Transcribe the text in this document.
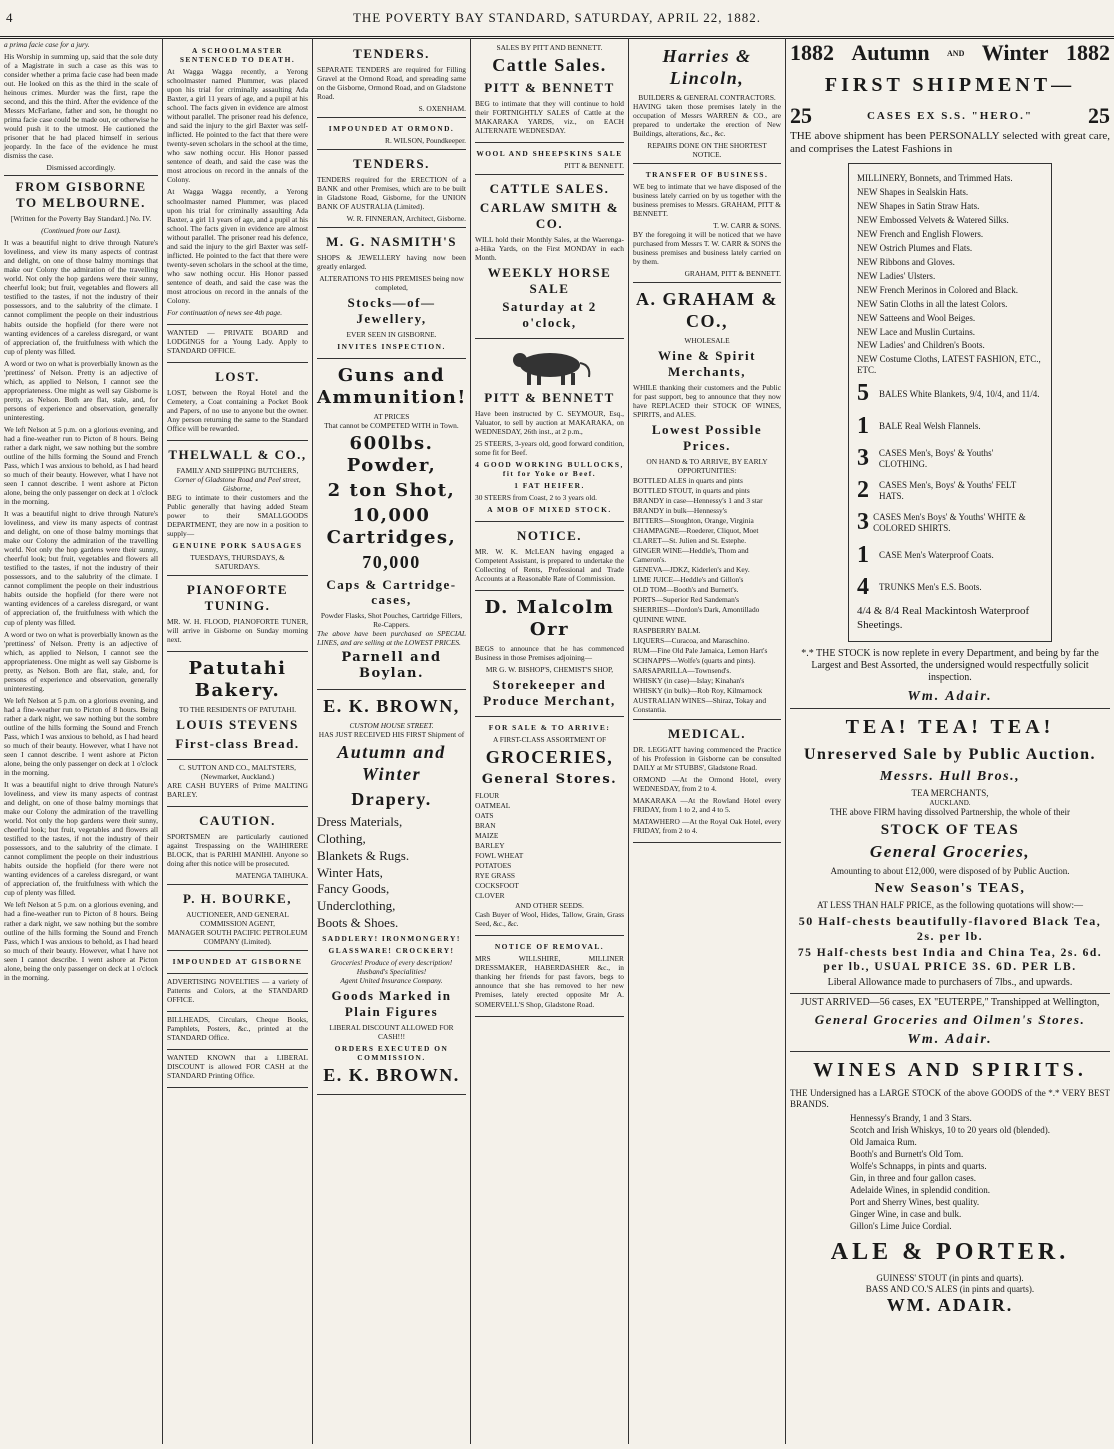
4	THE POVERTY BAY STANDARD, SATURDAY, APRIL 22, 1882.

a prima facie case for a jury.

His Worship in summing up, said that the sole duty of a Magistrate in such a case as this was to consider whether a prima facie case had been made out. He looked on this as the third in the scale of heinous crimes. Murder was the first, rape the second, and this the third. After the evidence of the Messrs McFarlane, father and son, he thought no prima facie case could be made out, or otherwise he would push it to the utmost. He cautioned the prisoner that he had placed himself in serious jeopardy. In the face of the evidence he must dismiss the case.

Dismissed accordingly.

FROM GISBORNE TO MELBOURNE.

[Written for the Poverty Bay Standard.] No. IV.

(Continued from our Last).

It was a beautiful night to drive through Nature's loveliness, and view its many aspects of contrast and delight, on one of those balmy mornings that make our Colony the admiration of the travelling world. Not only the hop gardens were their sunny, cheerful look; but fruit, vegetables and flowers all testified to the tastes, if not the industry of their possessors, and to the salubrity of the climate. I cannot compliment the people on their industrious habits outside the hopfield (for there were not wanting evidences of a careless disregard, or want of appreciation of, the fruitfulness with which the cup of plenty was filled.

A word or two on what is proverbially known as the 'prettiness' of Nelson. Pretty is an adjective of which, as applied to Nelson, I cannot see the appropriateness. One might as well say Gisborne is pretty, as Nelson. Both are flat, stale, and, for persons of experience and observation, generally uninteresting.

We left Nelson at 5 p.m. on a glorious evening, and had a fine-weather run to Picton of 8 hours. Being rather a dark night, we saw nothing but the sombre outline of the hills forming the Sound and French Pass, which I was anxious to behold, as I had heard so much of their beauty. However, what I have not seen I cannot describe. I went ashore at Picton alone, being the only passenger on deck at 1 o'clock in the morning.

It was a beautiful night to drive through Nature's loveliness, and view its many aspects of contrast and delight, on one of those balmy mornings that make our Colony the admiration of the travelling world. Not only the hop gardens were their sunny, cheerful look; but fruit, vegetables and flowers all testified to the tastes, if not the industry of their possessors, and to the salubrity of the climate. I cannot compliment the people on their industrious habits outside the hopfield (for there were not wanting evidences of a careless disregard, or want of appreciation of, the fruitfulness with which the cup of plenty was filled.

A word or two on what is proverbially known as the 'prettiness' of Nelson. Pretty is an adjective of which, as applied to Nelson, I cannot see the appropriateness. One might as well say Gisborne is pretty, as Nelson. Both are flat, stale, and, for persons of experience and observation, generally uninteresting.

We left Nelson at 5 p.m. on a glorious evening, and had a fine-weather run to Picton of 8 hours. Being rather a dark night, we saw nothing but the sombre outline of the hills forming the Sound and French Pass, which I was anxious to behold, as I had heard so much of their beauty. However, what I have not seen I cannot describe. I went ashore at Picton alone, being the only passenger on deck at 1 o'clock in the morning.

It was a beautiful night to drive through Nature's loveliness, and view its many aspects of contrast and delight, on one of those balmy mornings that make our Colony the admiration of the travelling world. Not only the hop gardens were their sunny, cheerful look; but fruit, vegetables and flowers all testified to the tastes, if not the industry of their possessors, and to the salubrity of the climate. I cannot compliment the people on their industrious habits outside the hopfield (for there were not wanting evidences of a careless disregard, or want of appreciation of, the fruitfulness with which the cup of plenty was filled.

We left Nelson at 5 p.m. on a glorious evening, and had a fine-weather run to Picton of 8 hours. Being rather a dark night, we saw nothing but the sombre outline of the hills forming the Sound and French Pass, which I was anxious to behold, as I had heard so much of their beauty. However, what I have not seen I cannot describe. I went ashore at Picton alone, being the only passenger on deck at 1 o'clock in the morning.

A SCHOOLMASTER SENTENCED TO DEATH.

At Wagga Wagga recently, a Yerong schoolmaster named Plummer, was placed upon his trial for criminally assaulting Ada Baxter, a girl 11 years of age, and a pupil at his school. The facts given in evidence are almost without parallel. The prisoner read his defence, and said the injury to the girl Baxter was self-inflicted. He pointed to the fact that there were twenty-seven scholars in the school at the time, who saw nothing occur. His Honor passed sentence of death, and said the case was the most atrocious on record in the annals of the Colony.

At Wagga Wagga recently, a Yerong schoolmaster named Plummer, was placed upon his trial for criminally assaulting Ada Baxter, a girl 11 years of age, and a pupil at his school. The facts given in evidence are almost without parallel. The prisoner read his defence, and said the injury to the girl Baxter was self-inflicted. He pointed to the fact that there were twenty-seven scholars in the school at the time, who saw nothing occur. His Honor passed sentence of death, and said the case was the most atrocious on record in the annals of the Colony.

For continuation of news see 4th page.

WANTED — PRIVATE BOARD and LODGINGS for a Young Lady. Apply to STANDARD OFFICE.

LOST.

LOST, between the Royal Hotel and the Cemetery, a Coat containing a Pocket Book and Papers, of no use to anyone but the owner. Any person returning the same to the Standard Office will be rewarded.

THELWALL & CO.,
FAMILY AND SHIPPING BUTCHERS,
Corner of Gladstone Road and Peel street, Gisborne,

BEG to intimate to their customers and the Public generally that having added Steam power to their SMALLGOODS DEPARTMENT, they are now in a position to supply—

GENUINE PORK SAUSAGES
TUESDAYS, THURSDAYS, & SATURDAYS.
PIANOFORTE TUNING.

MR. W. H. FLOOD, PIANOFORTE TUNER, will arrive in Gisborne on Sunday morning next.

Patutahi Bakery.
TO THE RESIDENTS OF PATUTAHI.
LOUIS STEVENS
First-class Bread.
C. SUTTON AND CO., MALTSTERS, (Newmarket, Auckland.)

ARE CASH BUYERS of Prime MALTING BARLEY.

CAUTION.

SPORTSMEN are particularly cautioned against Trespassing on the WAIHIRERE BLOCK, that is PARIHI MANIHI. Anyone so doing after this notice will be prosecuted.

MATENGA TAIHUKA.
P. H. BOURKE,
AUCTIONEER, AND GENERAL COMMISSION AGENT,
MANAGER SOUTH PACIFIC PETROLEUM COMPANY (Limited).
IMPOUNDED AT GISBORNE

ADVERTISING NOVELTIES — a variety of Patterns and Colors, at the STANDARD OFFICE.

BILLHEADS, Circulars, Cheque Books, Pamphlets, Posters, &c., printed at the STANDARD Office.

WANTED KNOWN that a LIBERAL DISCOUNT is allowed FOR CASH at the STANDARD Printing Office.

TENDERS.

SEPARATE TENDERS are required for Filling Gravel at the Ormond Road, and spreading same on the Gisborne, Ormond Road, and on Gladstone Road.

S. OXENHAM.
IMPOUNDED AT ORMOND.
R. WILSON, Poundkeeper.
TENDERS.

TENDERS required for the ERECTION of a BANK and other Premises, which are to be built in Gladstone Road, Gisborne, for the UNION BANK OF AUSTRALIA (Limited).

W. R. FINNERAN, Architect, Gisborne.
M. G. NASMITH'S

SHOPS & JEWELLERY having now been greatly enlarged.

ALTERATIONS TO HIS PREMISES being now completed,
Stocks—of—Jewellery,
EVER SEEN IN GISBORNE.
INVITES INSPECTION.
Guns and Ammunition!
AT PRICES
That cannot be COMPETED WITH in Town.
600lbs. Powder,
2 ton Shot,
10,000 Cartridges,
70,000
Caps & Cartridge-cases,
Powder Flasks, Shot Pouches, Cartridge Fillers, Re-Cappers.

The above have been purchased on SPECIAL LINES, and are selling at the LOWEST PRICES.

Parnell and Boylan.
E. K. BROWN,
CUSTOM HOUSE STREET.
HAS JUST RECEIVED HIS FIRST Shipment of
Autumn and Winter
Drapery.
Dress Materials,
Clothing,
Blankets & Rugs.
Winter Hats,
Fancy Goods,
Underclothing,
Boots & Shoes.
SADDLERY! IRONMONGERY!
GLASSWARE! CROCKERY!
Groceries! Produce of every description! Husband's Specialities!
Agent United Insurance Company.
Goods Marked in Plain Figures
LIBERAL DISCOUNT ALLOWED FOR CASH!!!
ORDERS EXECUTED ON COMMISSION.
E. K. BROWN.
SALES BY PITT AND BENNETT.
Cattle Sales.
PITT & BENNETT

BEG to intimate that they will continue to hold their FORTNIGHTLY SALES of Cattle at the MAKARAKA YARDS, viz., on EACH ALTERNATE WEDNESDAY.

WOOL AND SHEEPSKINS SALE
PITT & BENNETT.
CATTLE SALES.
CARLAW SMITH & CO.

WILL hold their Monthly Sales, at the Waerenga-a-Hika Yards, on the First MONDAY in each Month.

WEEKLY HORSE SALE
Saturday at 2 o'clock,
PITT & BENNETT

Have been instructed by C. SEYMOUR, Esq., Valuator, to sell by auction at MAKARAKA, on WEDNESDAY, 26th inst., at 2 p.m.,

25 STEERS, 3-years old, good forward condition, some fit for Beef.

4 GOOD WORKING BULLOCKS, fit for Yoke or Beef.
1 FAT HEIFER.

30 STEERS from Coast, 2 to 3 years old.

A MOB OF MIXED STOCK.
NOTICE.

MR. W. K. McLEAN having engaged a Competent Assistant, is prepared to undertake the Collecting of Rents, Professional and Trade Accounts at a Reasonable Rate of Commission.

D. Malcolm Orr

BEGS to announce that he has commenced Business in those Premises adjoining—

MR G. W. BISHOP'S, CHEMIST'S SHOP,
Storekeeper and Produce Merchant,
FOR SALE & TO ARRIVE:
A FIRST-CLASS ASSORTMENT OF
GROCERIES,
General Stores.
FLOUR
OATMEAL
OATS
BRAN
MAIZE
BARLEY
FOWL WHEAT
POTATOES
RYE GRASS
COCKSFOOT
CLOVER
AND OTHER SEEDS.

Cash Buyer of Wool, Hides, Tallow, Grain, Grass Seed, &c., &c.

NOTICE OF REMOVAL.

MRS WILLSHIRE, MILLINER DRESSMAKER, HABERDASHER &c., in thanking her friends for past favors, begs to announce that she has removed to her new Premises, lately erected opposite Mr A. SOMERVELL'S Shop, Gladstone Road.

Harries & Lincoln,
BUILDERS & GENERAL CONTRACTORS.

HAVING taken those premises lately in the occupation of Messrs WARREN & CO., are prepared to undertake the erection of New Buildings, alterations, &c., &c.

REPAIRS DONE ON THE SHORTEST NOTICE.
TRANSFER OF BUSINESS.

WE beg to intimate that we have disposed of the business lately carried on by us together with the business premises to Messrs. GRAHAM, PITT & BENNETT.

T. W. CARR & SONS.

BY the foregoing it will be noticed that we have purchased from Messrs T. W. CARR & SONS the business premises and business lately carried on by them.

GRAHAM, PITT & BENNETT.
A. GRAHAM & CO.,
WHOLESALE
Wine & Spirit Merchants,

WHILE thanking their customers and the Public for past support, beg to announce that they now have REPLACED their STOCK OF WINES, SPIRITS, and ALES.

Lowest Possible Prices.
ON HAND & TO ARRIVE, BY EARLY OPPORTUNITIES:
BOTTLED ALES in quarts and pints
BOTTLED STOUT, in quarts and pints
BRANDY in case—Hennessy's 1 and 3 star
BRANDY in bulk—Hennessy's
BITTERS—Stoughton, Orange, Virginia
CHAMPAGNE—Roederer, Cliquot, Moet
CLARET—St. Julien and St. Estephe.
GINGER WINE—Heddle's, Thom and Cameron's.
GENEVA—JDKZ, Kiderlen's and Key.
LIME JUICE—Heddle's and Gillon's
OLD TOM—Booth's and Burnett's.
PORTS—Superior Red Sandeman's
SHERRIES—Dordon's Dark, Amontillado
QUININE WINE.
RASPBERRY BALM.
LIQUERS—Curacoa, and Maraschino.
RUM—Fine Old Pale Jamaica, Lemon Hart's
SCHNAPPS—Wolfe's (quarts and pints).
SARSAPARILLA—Townsend's.
WHISKY (in case)—Islay; Kinahan's
WHISKY (in bulk)—Rob Roy, Kilmarnock
AUSTRALIAN WINES—Shiraz, Tokay and Constantia.
MEDICAL.

DR. LEGGATT having commenced the Practice of his Profession in Gisborne can be consulted DAILY at Mr STUBBS', Gladstone Road.

ORMOND —At the Ormond Hotel, every WEDNESDAY, from 2 to 4.

MAKARAKA —At the Rowland Hotel every FRIDAY, from 1 to 2, and 4 to 5.

MATAWHERO —At the Royal Oak Hotel, every FRIDAY, from 2 to 4.

1882 Autumn AND Winter 1882
FIRST SHIPMENT—
25	CASES EX S.S. "HERO." 25

THE above shipment has been PERSONALLY selected with great care, and comprises the Latest Fashions in

MILLINERY, Bonnets, and Trimmed Hats.
NEW Shapes in Sealskin Hats.
NEW Shapes in Satin Straw Hats.
NEW Embossed Velvets & Watered Silks.
NEW French and English Flowers.
NEW Ostrich Plumes and Flats.
NEW Ribbons and Gloves.
NEW Ladies' Ulsters.
NEW French Merinos in Colored and Black.
NEW Satin Cloths in all the latest Colors.
NEW Satteens and Wool Beiges.
NEW Lace and Muslin Curtains.
NEW Ladies' and Children's Boots.
NEW Costume Cloths, LATEST FASHION, ETC., ETC.
5	BALES White Blankets, 9/4, 10/4, and 11/4.
1	BALE Real Welsh Flannels.
3	CASES Men's, Boys' & Youths' CLOTHING.
2	CASES Men's, Boys' & Youths' FELT HATS.
3 CASES Men's Boys' & Youths' WHITE & COLORED SHIRTS.
1	CASE Men's Waterproof Coats.
4	TRUNKS Men's E.S. Boots.
4/4 & 8/4 Real Mackintosh Waterproof Sheetings.

*.* THE STOCK is now replete in every Department, and being by far the Largest and Best Assorted, the undersigned would respectfully solicit inspection.

Wm. Adair.
TEA! TEA! TEA!
Unreserved Sale by Public Auction.
Messrs. Hull Bros.,
TEA MERCHANTS,
AUCKLAND.

THE above FIRM having dissolved Partnership, the whole of their

STOCK OF TEAS
General Groceries,

Amounting to about £12,000, were disposed of by Public Auction.

New Season's TEAS,
AT LESS THAN HALF PRICE, as the following quotations will show:—
50 Half-chests beautifully-flavored Black Tea, 2s. per lb.
75 Half-chests best India and China Tea, 2s. 6d. per lb., USUAL PRICE 3S. 6D. PER LB.
Liberal Allowance made to purchasers of 7lbs., and upwards.
JUST ARRIVED—56 cases, EX "EUTERPE," Transhipped at Wellington,
General Groceries and Oilmen's Stores.
Wm. Adair.
WINES AND SPIRITS.

THE Undersigned has a LARGE STOCK of the above GOODS of the *.* VERY BEST BRANDS.

Hennessy's Brandy, 1 and 3 Stars.
Scotch and Irish Whiskys, 10 to 20 years old (blended).
Old Jamaica Rum.
Booth's and Burnett's Old Tom.
Wolfe's Schnapps, in pints and quarts.
Gin, in three and four gallon cases.
Adelaide Wines, in splendid condition.
Port and Sherry Wines, best quality.
Ginger Wine, in case and bulk.
Gillon's Lime Juice Cordial.
ALE & PORTER.
GUINESS' STOUT (in pints and quarts).
BASS AND CO.'S ALES (in pints and quarts).
WM. ADAIR.
